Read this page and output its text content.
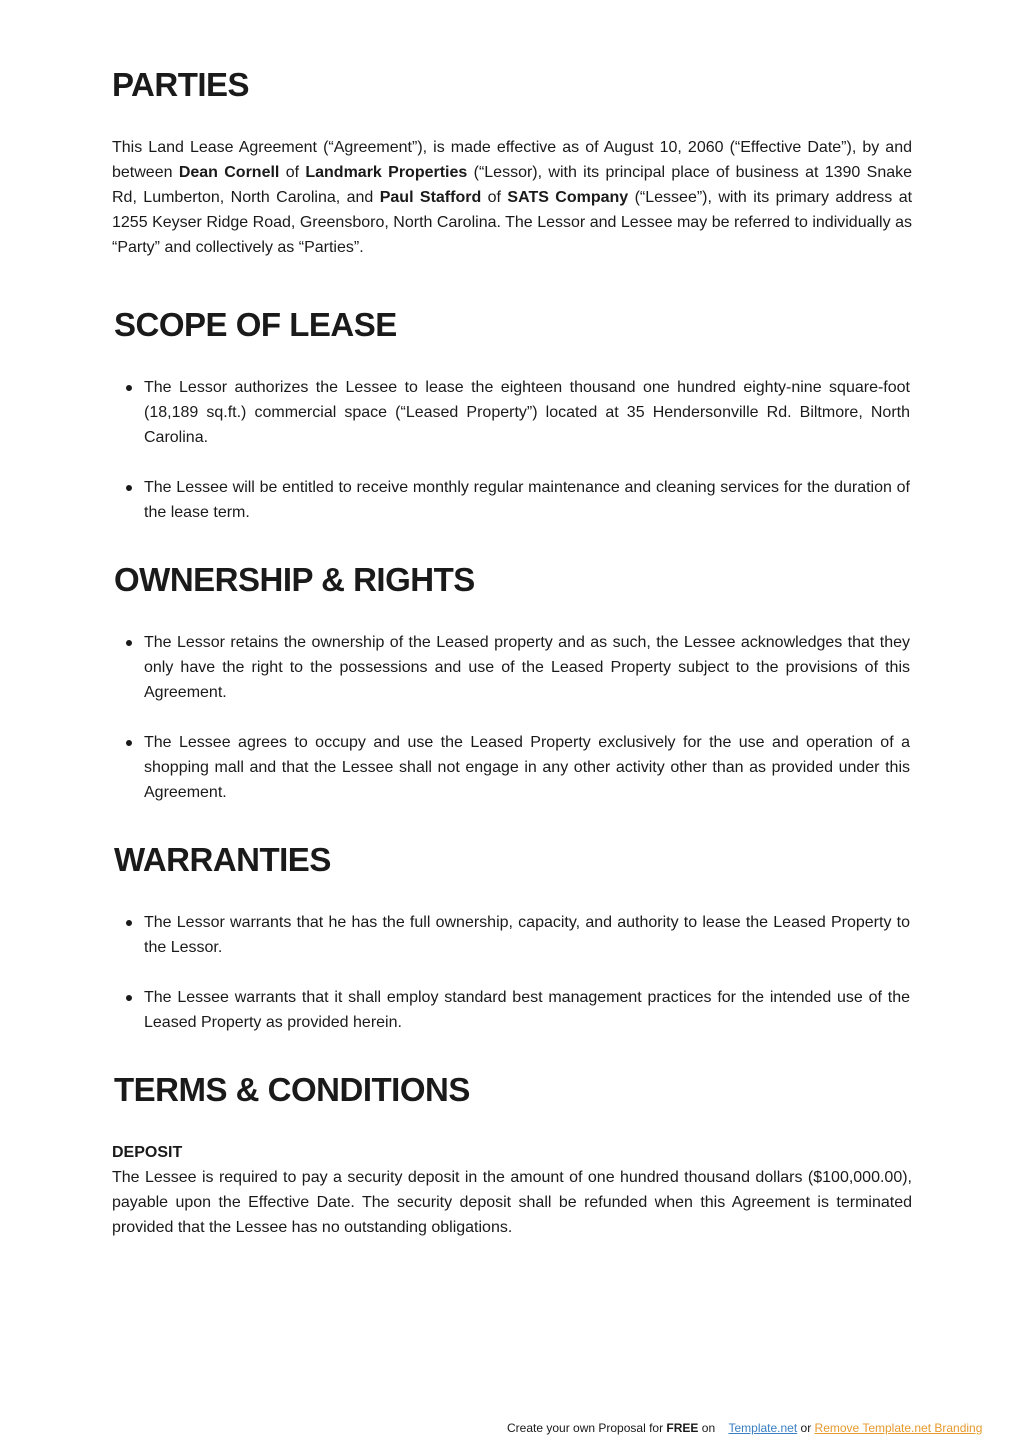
PARTIES

This Land Lease Agreement (“Agreement”), is made effective as of August 10, 2060 (“Effective Date”), by and between Dean Cornell of Landmark Properties (“Lessor), with its principal place of business at 1390 Snake Rd, Lumberton, North Carolina, and Paul Stafford of SATS Company (“Lessee”), with its primary address at 1255 Keyser Ridge Road, Greensboro, North Carolina. The Lessor and Lessee may be referred to individually as “Party” and collectively as “Parties”.

SCOPE OF LEASE
The Lessor authorizes the Lessee to lease the eighteen thousand one hundred eighty-nine square-foot (18,189 sq.ft.) commercial space (“Leased Property”) located at 35 Hendersonville Rd. Biltmore, North Carolina.
The Lessee will be entitled to receive monthly regular maintenance and cleaning services for the duration of the lease term.
OWNERSHIP & RIGHTS
The Lessor retains the ownership of the Leased property and as such, the Lessee acknowledges that they only have the right to the possessions and use of the Leased Property subject to the provisions of this Agreement.
The Lessee agrees to occupy and use the Leased Property exclusively for the use and operation of a shopping mall and that the Lessee shall not engage in any other activity other than as provided under this Agreement.
WARRANTIES
The Lessor warrants that he has the full ownership, capacity, and authority to lease the Leased Property to the Lessor.
The Lessee warrants that it shall employ standard best management practices for the intended use of the Leased Property as provided herein.
TERMS & CONDITIONS

DEPOSIT

The Lessee is required to pay a security deposit in the amount of one hundred thousand dollars ($100,000.00), payable upon the Effective Date. The security deposit shall be refunded when this Agreement is terminated provided that the Lessee has no outstanding obligations.

Create your own Proposal for FREE on    Template.net or Remove Template.net Branding
